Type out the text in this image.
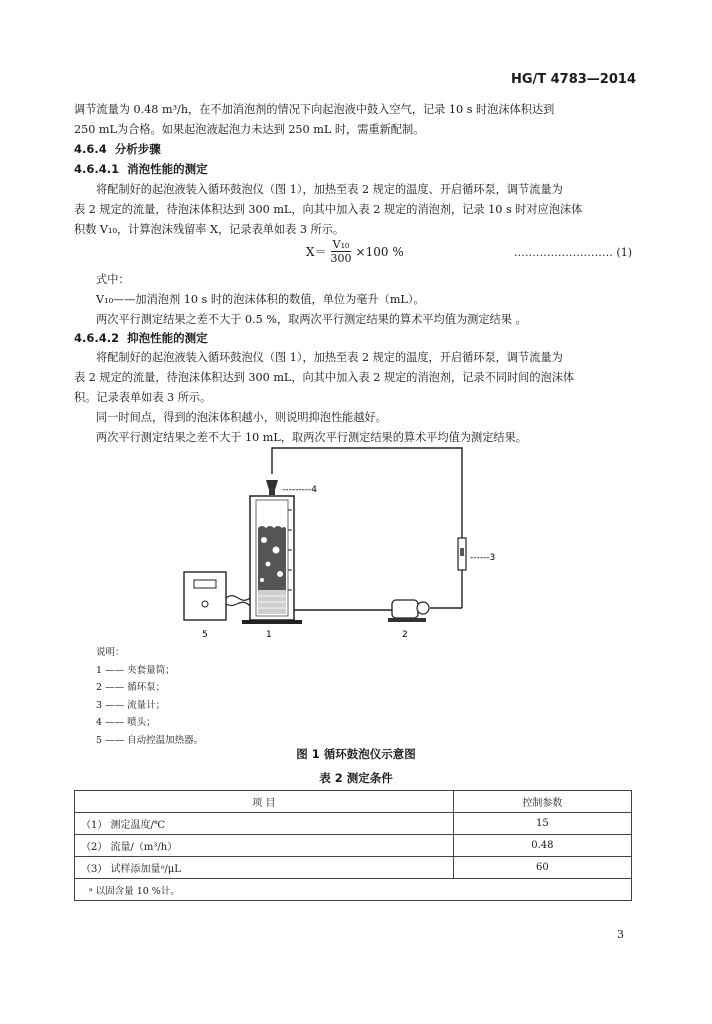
HG/T 4783—2014
调节流量为 0.48 m³/h，在不加消泡剂的情况下向起泡液中鼓入空气，记录 10 s 时泡沫体积达到
250 mL为合格。如果起泡液起泡力未达到 250 mL 时，需重新配制。
4.6.4 分析步骤
4.6.4.1 消泡性能的测定
将配制好的起泡液装入循环鼓泡仪（图 1），加热至表 2 规定的温度、开启循环泵，调节流量为
表 2 规定的流量，待泡沫体积达到 300 mL，向其中加入表 2 规定的消泡剂，记录 10 s 时对应泡沫体
积数 V₁₀，计算泡沫残留率 X，记录表单如表 3 所示。
$X= \frac{\text{V₁₀}}{300} \times 100$ %	……………………… (1)
式中：
V₁₀——加消泡剂 10 s 时的泡沫体积的数值，单位为毫升（mL）。
两次平行测定结果之差不大于 0.5 %，取两次平行测定结果的算术平均值为测定结果 。
4.6.4.2 抑泡性能的测定
将配制好的起泡液装入循环鼓泡仪（图 1），加热至表 2 规定的温度，开启循环泵，调节流量为
表 2 规定的流量，待泡沫体积达到 300 mL，向其中加入表 2 规定的消泡剂，记录不同时间的泡沫体
积。记录表单如表 3 所示。
同一时间点，得到的泡沫体积越小，则说明抑泡性能越好。
两次平行测定结果之差不大于 10 mL，取两次平行测定结果的算术平均值为测定结果。
1	2
------3
---------4
5
说明：
1 —— 夹套量筒；
2 —— 循环泵；
3 —— 流量计；
4 —— 喷头；
5 —— 自动控温加热器。
图 1 循环鼓泡仪示意图
表 2 测定条件
项 目	控制参数
（1） 测定温度/℃	15
（2） 流量/（m³/h）	0.48
（3） 试样添加量ᵃ/μL	60
ᵃ 以固含量 10 %计。	
3
